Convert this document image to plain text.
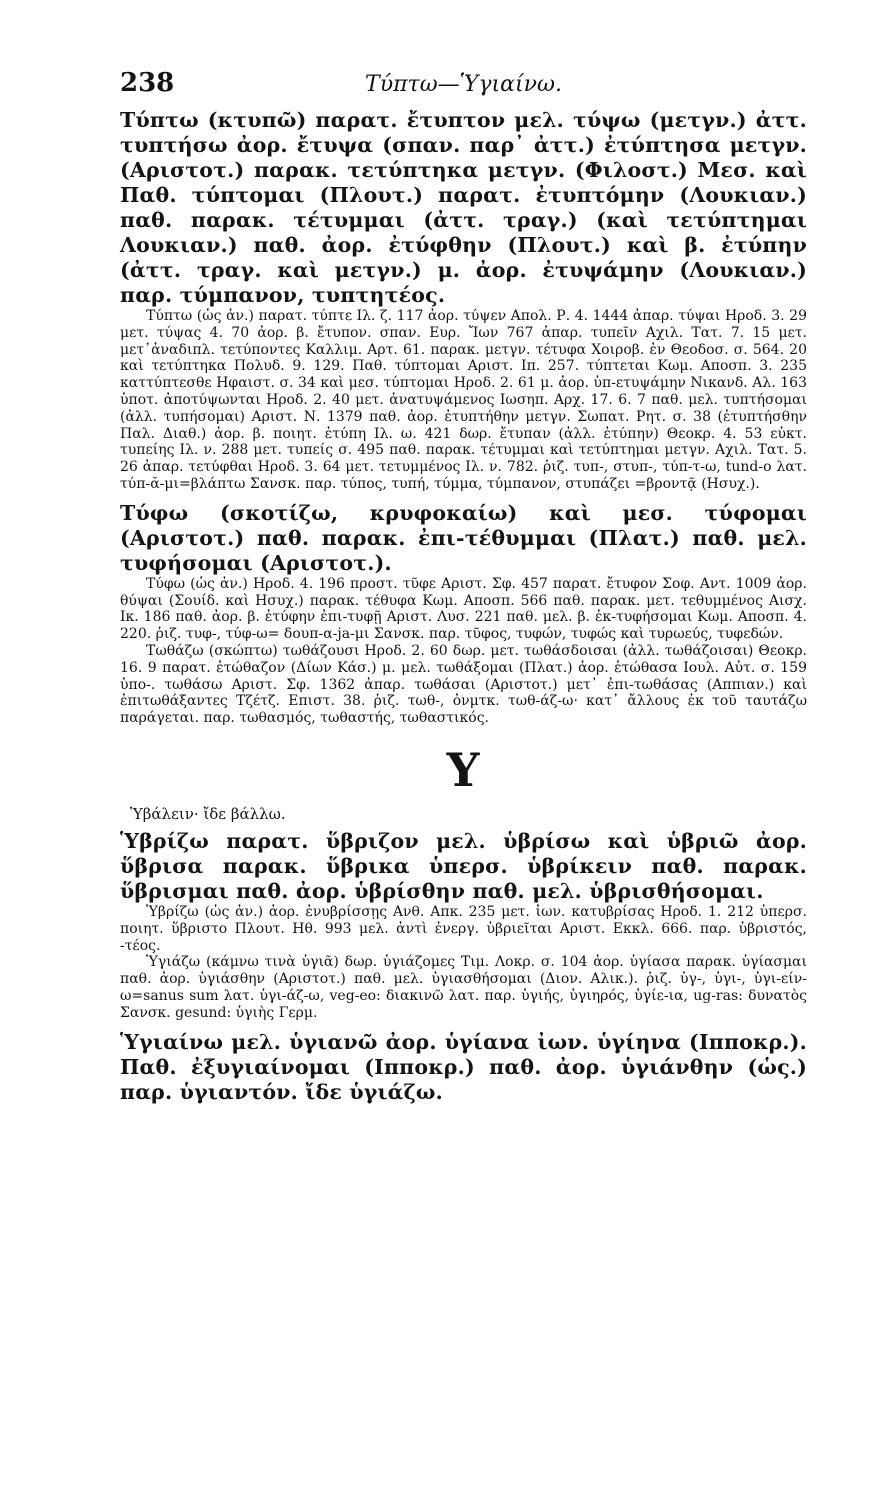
238	Τύπτω—Ὑγιαίνω.

Τύπτω (κτυπῶ) παρατ. ἔτυπτον μελ. τύψω (μετγν.) ἀττ. τυπτήσω ἀορ. ἔτυψα (σπαν. παρ᾽ ἀττ.) ἐτύπτησα μετγν. (Αριστοτ.) παρακ. τετύπτηκα μετγν. (Φιλοστ.) Μεσ. καὶ Παθ. τύπτομαι (Πλουτ.) παρατ. ἐτυπτόμην (Λουκιαν.) παθ. παρακ. τέτυμμαι (ἀττ. τραγ.) (καὶ τετύπτημαι Λουκιαν.) παθ. ἀορ. ἐτύφθην (Πλουτ.) καὶ β. ἐτύπην (ἀττ. τραγ. καὶ μετγν.) μ. ἀορ. ἐτυψάμην (Λουκιαν.) παρ. τύμπανον, τυπτητέος.

Τύπτω (ὡς ἀν.) παρατ. τύπτε Ιλ. ζ. 117 ἀορ. τύψεν Απολ. Ρ. 4. 1444 ἀπαρ. τύψαι Ηροδ. 3. 29 μετ. τύψας 4. 70 ἀορ. β. ἔτυπον. σπαν. Ευρ. Ἴων 767 ἀπαρ. τυπεῖν Αχιλ. Τατ. 7. 15 μετ. μετ᾽ἀναδιπλ. τετύποντες Καλλιμ. Αρτ. 61. παρακ. μετγν. τέτυφα Χοιροβ. ἐν Θεοδοσ. σ. 564. 20 καὶ τετύπτηκα Πολυδ. 9. 129. Παθ. τύπτομαι Αριστ. Ιπ. 257. τύπτεται Κωμ. Αποσπ. 3. 235 καττύπτεσθε Ηφαιστ. σ. 34 καὶ μεσ. τύπτομαι Ηροδ. 2. 61 μ. ἀορ. ὑπ-ετυψάμην Νικανδ. Αλ. 163 ὑποτ. ἀποτύψωνται Ηροδ. 2. 40 μετ. ἀνατυψάμενος Ιωσηπ. Αρχ. 17. 6. 7 παθ. μελ. τυπτήσομαι (ἀλλ. τυπήσομαι) Αριστ. Ν. 1379 παθ. ἀορ. ἐτυπτήθην μετγν. Σωπατ. Ρητ. σ. 38 (ἐτυπτήσθην Παλ. Διαθ.) ἀορ. β. ποιητ. ἐτύπη Ιλ. ω. 421 δωρ. ἔτυπαν (ἀλλ. ἐτύπην) Θεοκρ. 4. 53 εὐκτ. τυπείης Ιλ. ν. 288 μετ. τυπείς σ. 495 παθ. παρακ. τέτυμμαι καὶ τετύπτημαι μετγν. Αχιλ. Τατ. 5. 26 ἀπαρ. τετύφθαι Ηροδ. 3. 64 μετ. τετυμμένος Ιλ. ν. 782. ῥιζ. τυπ-, στυπ-, τύπ-τ-ω, tund-o λατ. τύπ-ᾰ-μι=βλάπτω Σανσκ. παρ. τύπος, τυπή, τύμμα, τύμπανον, στυπάζει =βροντᾷ (Ησυχ.).

Τύφω (σκοτίζω, κρυφοκαίω) καὶ μεσ. τύφομαι (Αριστοτ.) παθ. παρακ. ἐπι-τέθυμμαι (Πλατ.) παθ. μελ. τυφήσομαι (Αριστοτ.).

Τύφω (ὡς ἀν.) Ηροδ. 4. 196 προστ. τῦφε Αριστ. Σφ. 457 παρατ. ἔτυφον Σοφ. Αντ. 1009 ἀορ. θύψαι (Σουίδ. καὶ Ησυχ.) παρακ. τέθυφα Κωμ. Αποσπ. 566 παθ. παρακ. μετ. τεθυμμένος Αισχ. Ικ. 186 παθ. ἀορ. β. ἐτύφην ἐπι-τυφῇ Αριστ. Λυσ. 221 παθ. μελ. β. ἐκ-τυφήσομαι Κωμ. Αποσπ. 4. 220. ῥιζ. τυφ-, τύφ-ω= δουπ-α-ja-μι Σανσκ. παρ. τῦφος, τυφών, τυφώς καὶ τυρωεύς, τυφεδών.

Τωθάζω (σκώπτω) τωθάζουσι Ηροδ. 2. 60 δωρ. μετ. τωθάσδοισαι (ἀλλ. τωθάζοισαι) Θεοκρ. 16. 9 παρατ. ἐτώθαζον (Δίων Κάσ.) μ. μελ. τωθάξομαι (Πλατ.) ἀορ. ἐτώθασα Ιουλ. Αὐτ. σ. 159 ὑπο-. τωθάσω Αριστ. Σφ. 1362 ἀπαρ. τωθάσαι (Αριστοτ.) μετ᾽ ἐπι-τωθάσας (Αππιαν.) καὶ ἐπιτωθάξαντες Τζέτζ. Επιστ. 38. ῥιζ. τωθ-, ὀνμτκ. τωθ-άζ-ω· κατ᾽ ἄλλους ἐκ τοῦ ταυτάζω παράγεται. παρ. τωθασμός, τωθαστής, τωθαστικός.

Υ

Ὑβάλειν· ἴδε βάλλω.

Ὑβρίζω παρατ. ὕβριζον μελ. ὑβρίσω καὶ ὑβριῶ ἀορ. ὕβρισα παρακ. ὕβρικα ὑπερσ. ὑβρίκειν παθ. παρακ. ὕβρισμαι παθ. ἀορ. ὑβρίσθην παθ. μελ. ὑβρισθήσομαι.

Ὑβρίζω (ὡς ἀν.) ἀορ. ἐνυβρίσσῃς Ανθ. Απκ. 235 μετ. ἰων. κατυβρίσας Ηροδ. 1. 212 ὑπερσ. ποιητ. ὕβριστο Πλουτ. Ηθ. 993 μελ. ἀντὶ ἐνεργ. ὑβριεῖται Αριστ. Εκκλ. 666. παρ. ὑβριστός, -τέος.

Ὑγιάζω (κάμνω τινὰ ὑγιᾶ) δωρ. ὑγιάζομες Τιμ. Λοκρ. σ. 104 ἀορ. ὑγίασα παρακ. ὑγίασμαι παθ. ἀορ. ὑγιάσθην (Αριστοτ.) παθ. μελ. ὑγιασθήσομαι (Διον. Αλικ.). ῥιζ. ὑγ-, ὑγι-, ὑγι-είν-ω=sanus sum λατ. ὑγι-άζ-ω, veg-eo: διακινῶ λατ. παρ. ὑγιής, ὑγιηρός, ὑγίε-ια, ug-ras: δυνατὸς Σανσκ. gesund: ὑγιὴς Γερμ.

Ὑγιαίνω μελ. ὑγιανῶ ἀορ. ὑγίανα ἰων. ὑγίηνα (Ιπποκρ.). Παθ. ἐξυγιαίνομαι (Ιπποκρ.) παθ. ἀορ. ὑγιάνθην (ὡς.) παρ. ὑγιαντόν. ἴδε ὑγιάζω.
